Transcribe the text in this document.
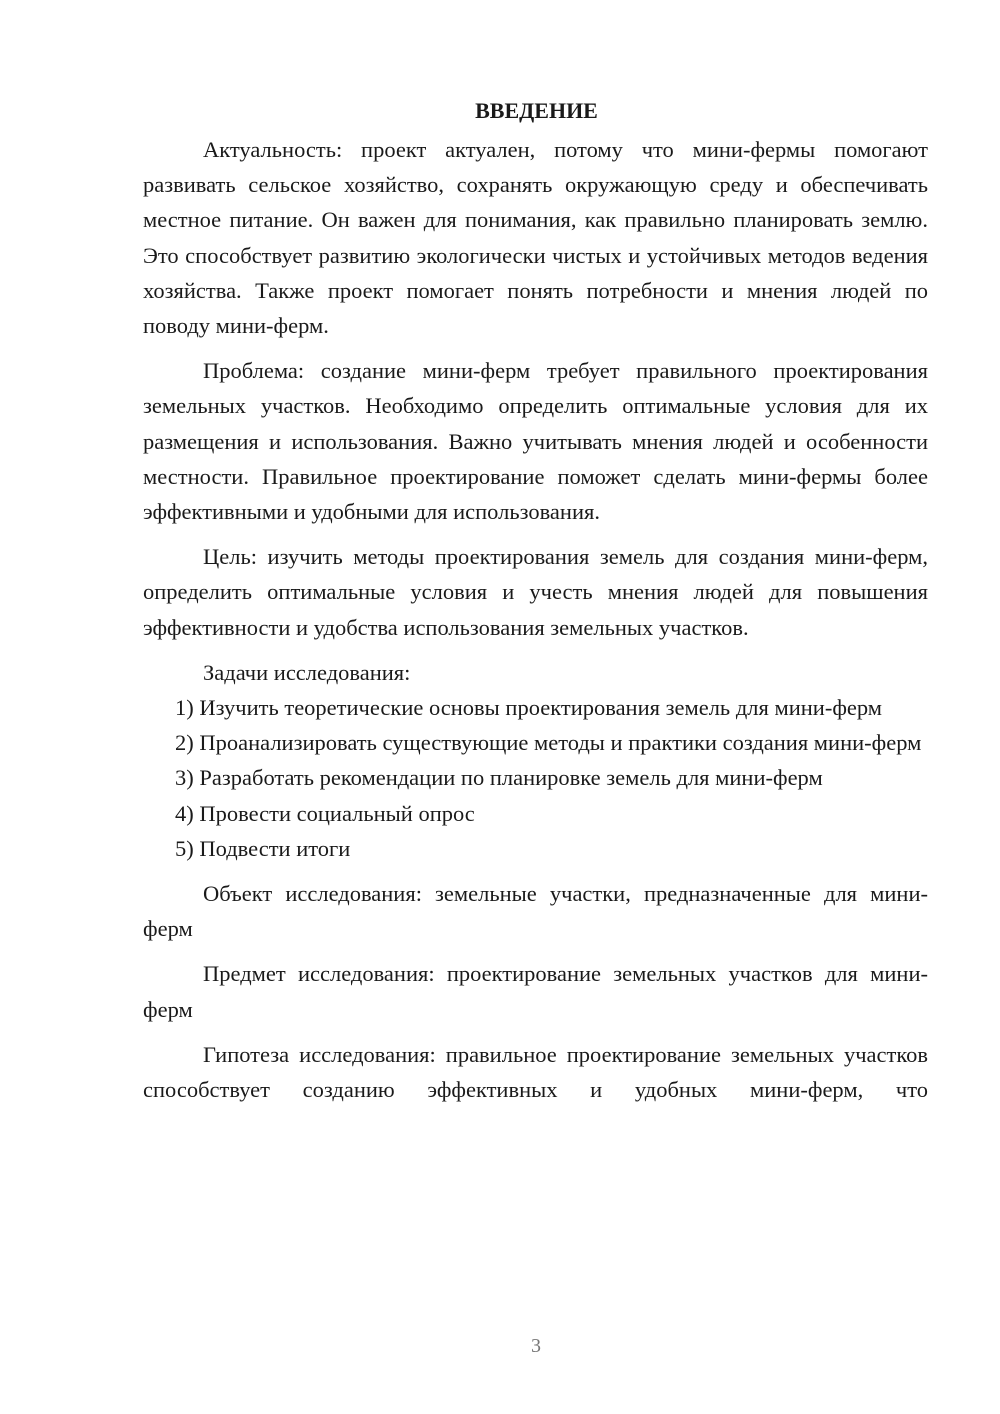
ВВЕДЕНИЕ

Актуальность: проект актуален, потому что мини-фермы помогают развивать сельское хозяйство, сохранять окружающую среду и обеспечивать местное питание. Он важен для понимания, как правильно планировать землю. Это способствует развитию экологически чистых и устойчивых методов ведения хозяйства. Также проект помогает понять потребности и мнения людей по поводу мини-ферм.

Проблема: создание мини-ферм требует правильного проектирования земельных участков. Необходимо определить оптимальные условия для их размещения и использования. Важно учитывать мнения людей и особенности местности. Правильное проектирование поможет сделать мини-фермы более эффективными и удобными для использования.

Цель: изучить методы проектирования земель для создания мини-ферм, определить оптимальные условия и учесть мнения людей для повышения эффективности и удобства использования земельных участков.

Задачи исследования:

1) Изучить теоретические основы проектирования земель для мини-ферм

2) Проанализировать существующие методы и практики создания мини-ферм

3) Разработать рекомендации по планировке земель для мини-ферм

4) Провести социальный опрос

5) Подвести итоги

Объект исследования: земельные участки, предназначенные для мини-ферм

Предмет исследования: проектирование земельных участков для мини-ферм

Гипотеза исследования: правильное проектирование земельных участков способствует созданию эффективных и удобных мини-ферм, что

3
